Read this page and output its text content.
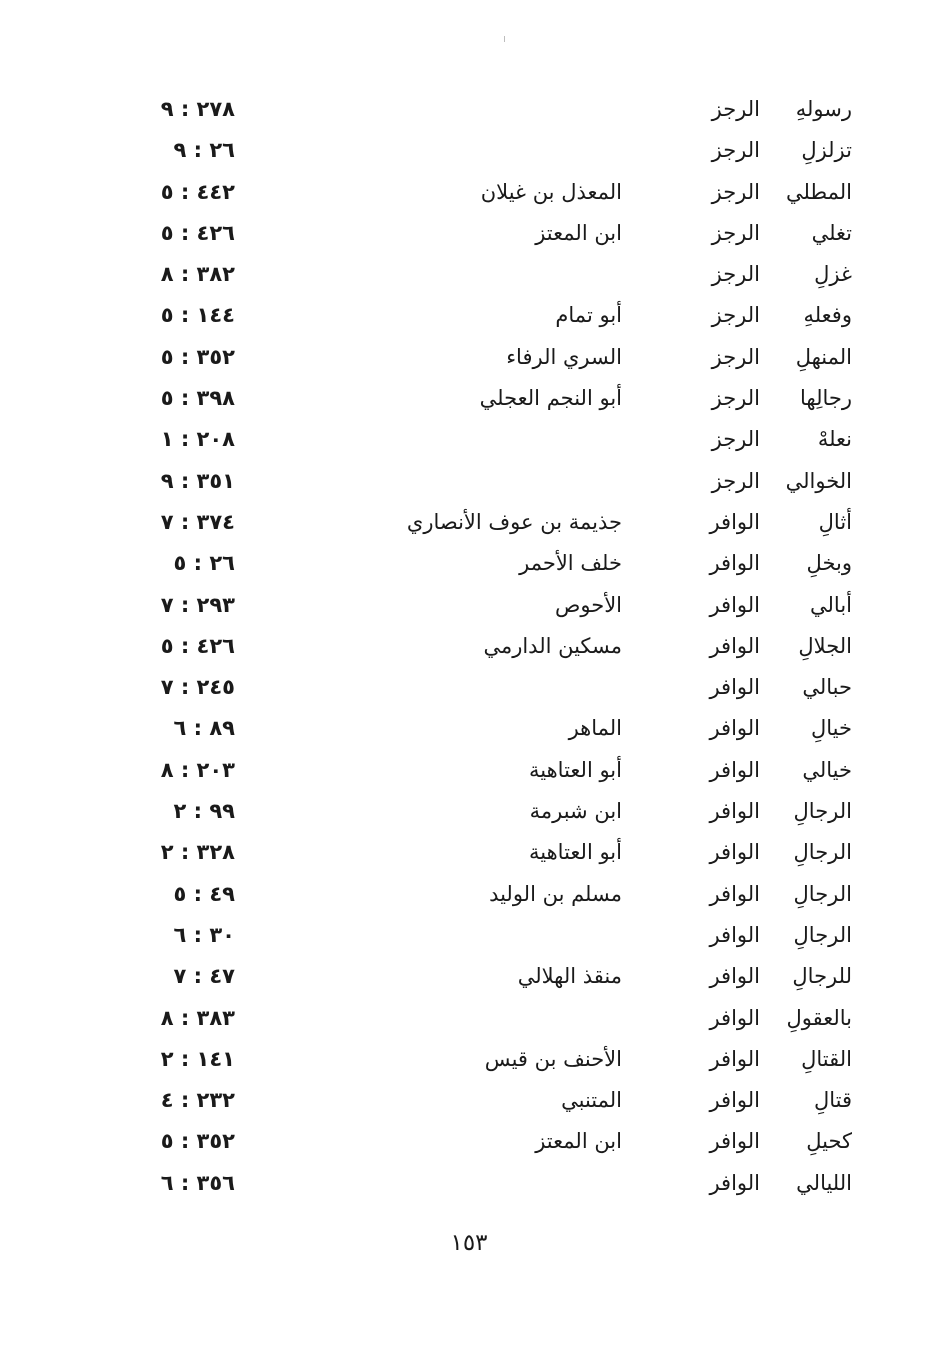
رسولهِ
الرجز
٢٧٨ : ٩
تزلزلِ
الرجز
٢٦ : ٩
المطلي
الرجز
المعذل بن غيلان
٤٤٢ : ٥
تغلي
الرجز
ابن المعتز
٤٢٦ : ٥
غزلِ
الرجز
٣٨٢ : ٨
وفعلهِ
الرجز
أبو تمام
١٤٤ : ٥
المنهلِ
الرجز
السري الرفاء
٣٥٢ : ٥
رجالِها
الرجز
أبو النجم العجلي
٣٩٨ : ٥
نعلهْ
الرجز
٢٠٨ : ١
الخوالي
الرجز
٣٥١ : ٩
أثالِ
الوافر
جذيمة بن عوف الأنصاري
٣٧٤ : ٧
وبخلِ
الوافر
خلف الأحمر
٢٦ : ٥
أبالي
الوافر
الأحوص
٢٩٣ : ٧
الجلالِ
الوافر
مسكين الدارمي
٤٢٦ : ٥
حبالي
الوافر
٢٤٥ : ٧
خيالِ
الوافر
الماهر
٨٩ : ٦
خيالي
الوافر
أبو العتاهية
٢٠٣ : ٨
الرجالِ
الوافر
ابن شبرمة
٩٩ : ٢
الرجالِ
الوافر
أبو العتاهية
٣٢٨ : ٢
الرجالِ
الوافر
مسلم بن الوليد
٤٩ : ٥
الرجالِ
الوافر
٣٠ : ٦
للرجالِ
الوافر
منقذ الهلالي
٤٧ : ٧
بالعقولِ
الوافر
٣٨٣ : ٨
القتالِ
الوافر
الأحنف بن قيس
١٤١ : ٢
قتالِ
الوافر
المتنبي
٢٣٢ : ٤
كحيلِ
الوافر
ابن المعتز
٣٥٢ : ٥
الليالي
الوافر
٣٥٦ : ٦
١٥٣
